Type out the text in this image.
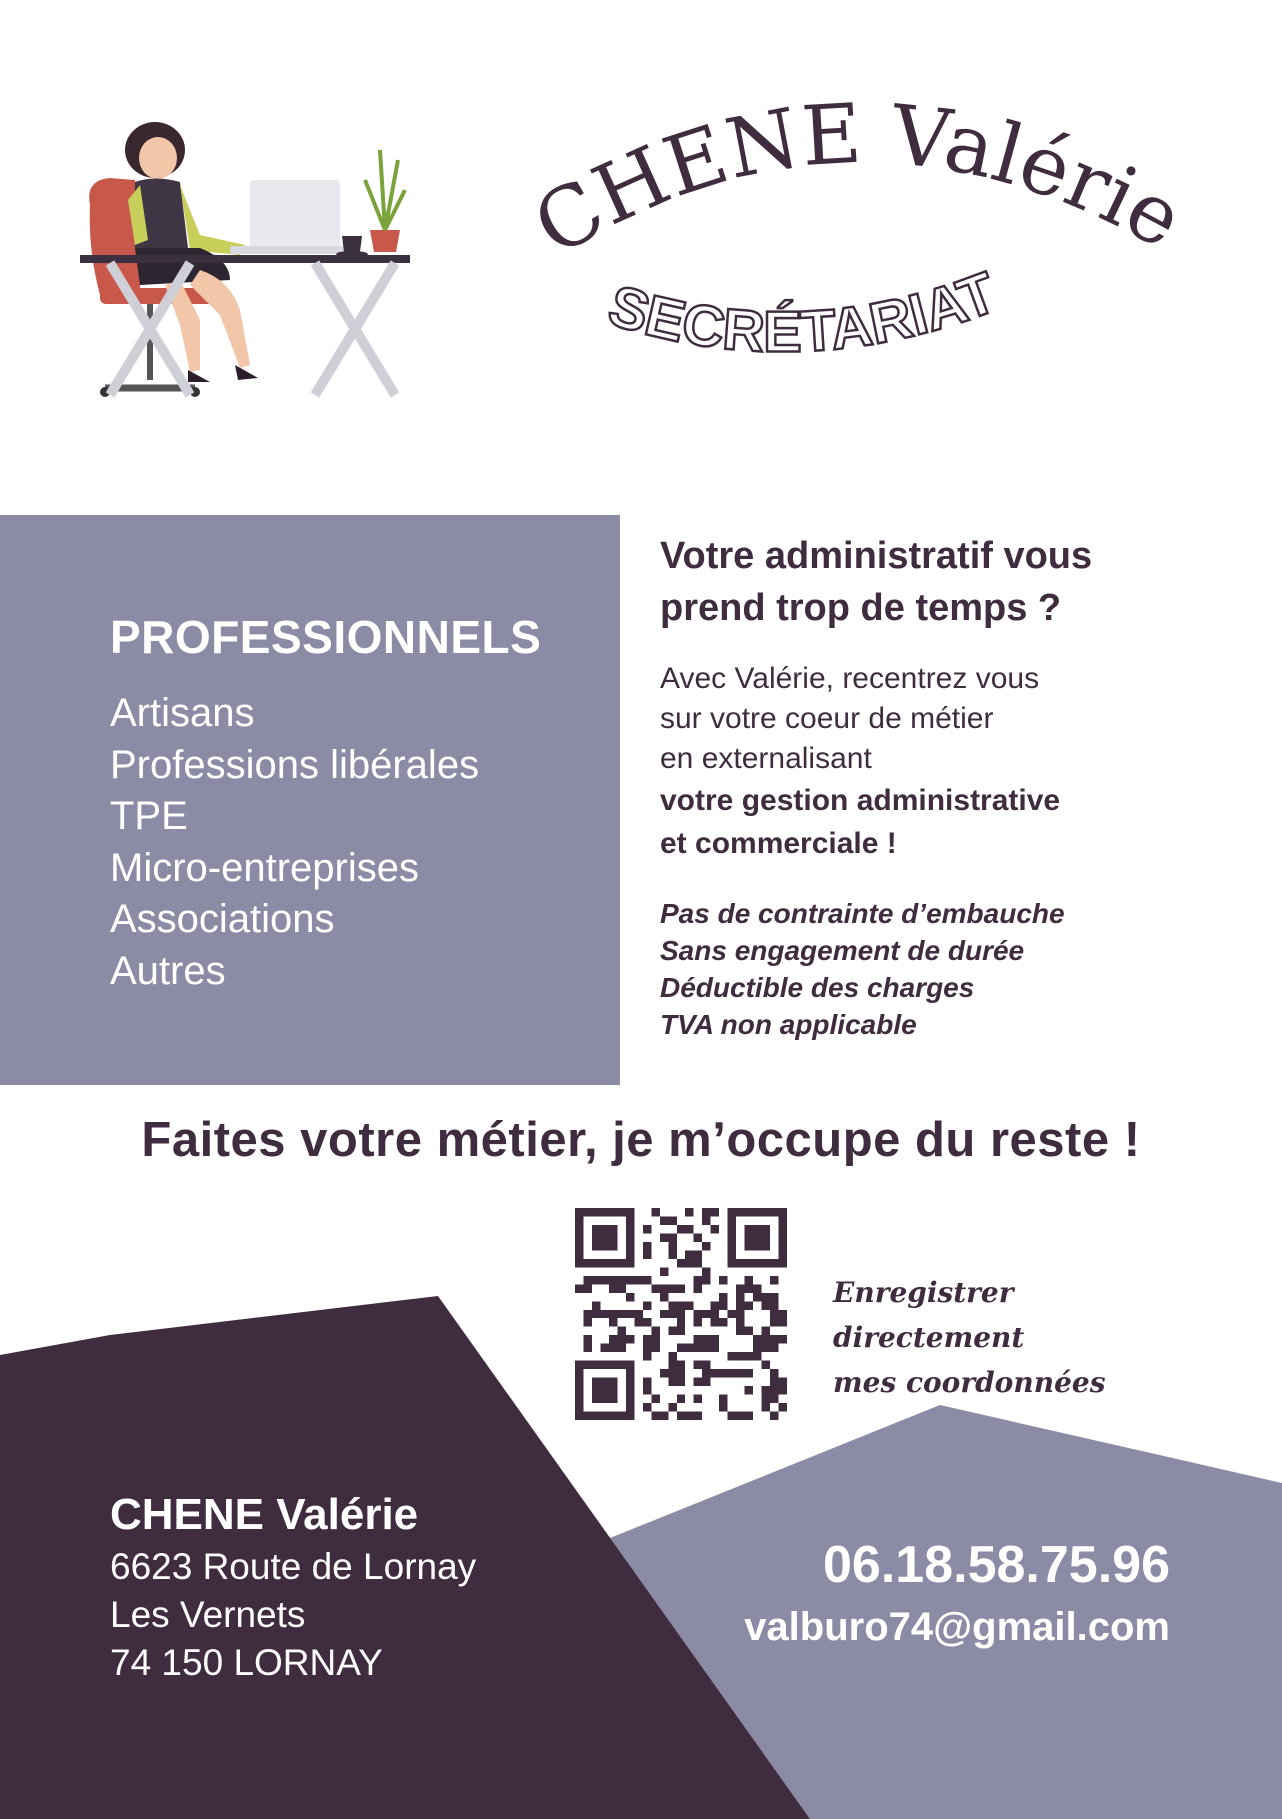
CHENE Valérie
SECRÉTARIAT
PROFESSIONNELS
Artisans
Professions libérales
TPE
Micro-entreprises
Associations
Autres
Votre administratif vous
prend trop de temps ?
Avec Valérie, recentrez vous
sur votre coeur de métier
en externalisant
votre gestion administrative
et commerciale !
Pas de contrainte d’embauche
Sans engagement de durée
Déductible des charges
TVA non applicable
Faites votre métier, je m’occupe du reste !
Enregistrer directement
mes coordonnées
CHENE Valérie
6623 Route de Lornay
Les Vernets
74 150 LORNAY
06.18.58.75.96
valburo74@gmail.com
